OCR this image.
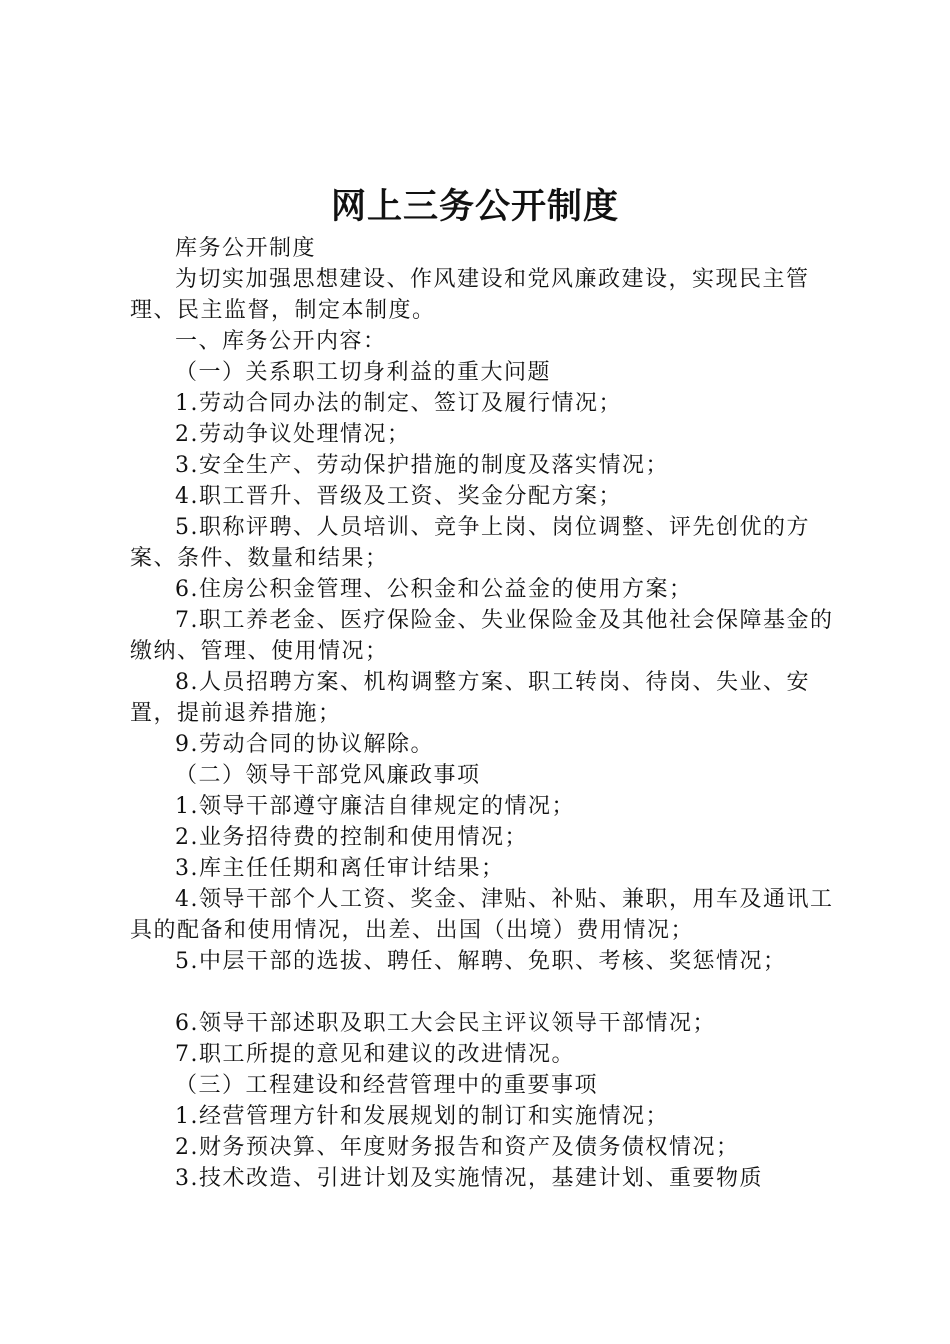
网上三务公开制度

库务公开制度

为切实加强思想建设、作风建设和党风廉政建设，实现民主管理、民主监督，制定本制度。

一、库务公开内容：

（一）关系职工切身利益的重大问题

1.劳动合同办法的制定、签订及履行情况；

2.劳动争议处理情况；

3.安全生产、劳动保护措施的制度及落实情况；

4.职工晋升、晋级及工资、奖金分配方案；

5.职称评聘、人员培训、竞争上岗、岗位调整、评先创优的方案、条件、数量和结果；

6.住房公积金管理、公积金和公益金的使用方案；

7.职工养老金、医疗保险金、失业保险金及其他社会保障基金的缴纳、管理、使用情况；

8.人员招聘方案、机构调整方案、职工转岗、待岗、失业、安置，提前退养措施；

9.劳动合同的协议解除。

（二）领导干部党风廉政事项

1.领导干部遵守廉洁自律规定的情况；

2.业务招待费的控制和使用情况；

3.库主任任期和离任审计结果；

4.领导干部个人工资、奖金、津贴、补贴、兼职，用车及通讯工具的配备和使用情况，出差、出国（出境）费用情况；

5.中层干部的选拔、聘任、解聘、免职、考核、奖惩情况；

6.领导干部述职及职工大会民主评议领导干部情况；

7.职工所提的意见和建议的改进情况。

（三）工程建设和经营管理中的重要事项

1.经营管理方针和发展规划的制订和实施情况；

2.财务预决算、年度财务报告和资产及债务债权情况；

3.技术改造、引进计划及实施情况，基建计划、重要物质
